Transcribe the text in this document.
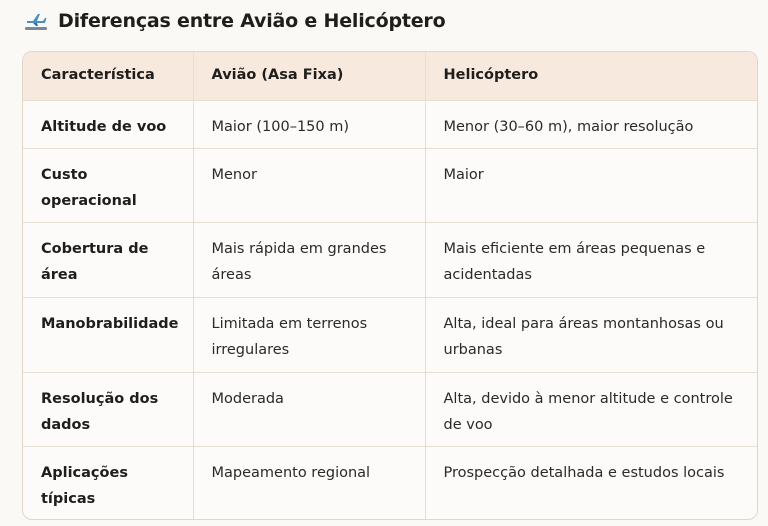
Diferenças entre Avião e Helicóptero
Característica	Avião (Asa Fixa)	Helicóptero
Altitude de voo	Maior (100–150 m)	Menor (30–60 m), maior resolução
Custo operacional	Menor	Maior
Cobertura de área	Mais rápida em grandes áreas	Mais eficiente em áreas pequenas e acidentadas
Manobrabilidade	Limitada em terrenos irregulares	Alta, ideal para áreas montanhosas ou urbanas
Resolução dos dados	Moderada	Alta, devido à menor altitude e controle de voo
Aplicações típicas	Mapeamento regional	Prospecção detalhada e estudos locais
